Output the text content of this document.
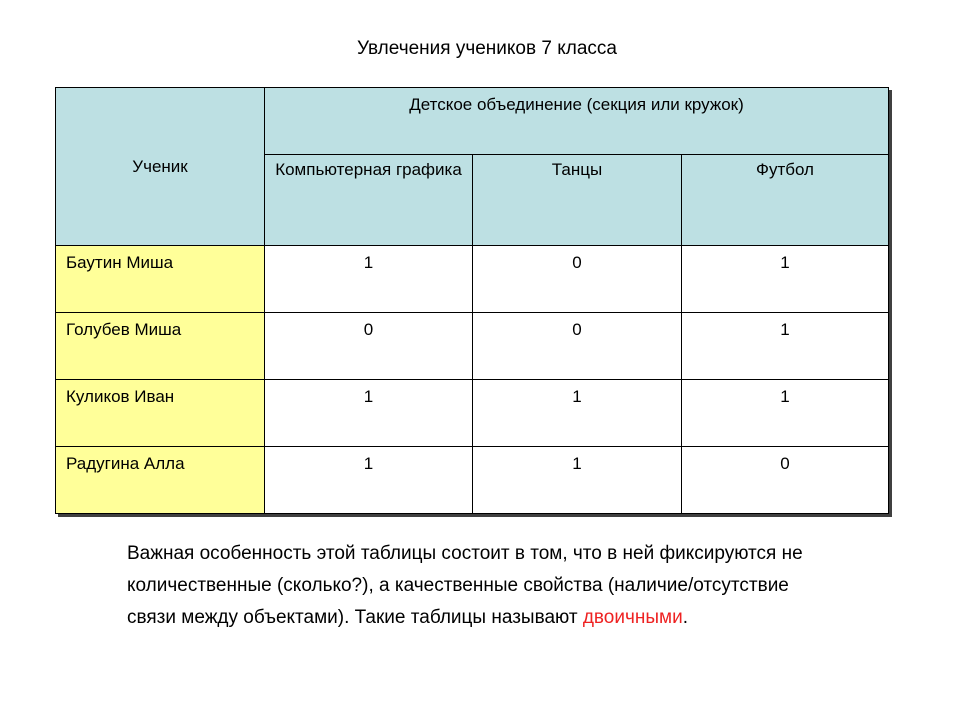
Увлечения учеников 7 класса
Ученик	Детское объединение (секция или кружок)		
	Компьютерная графика	Танцы	Футбол
Баутин Миша	1	0	1
Голубев Миша	0	0	1
Куликов Иван	1	1	1
Радугина Алла	1	1	0
Важная особенность этой таблицы состоит в том, что в ней фиксируются не количественные (сколько?), а качественные свойства (наличие/отсутствие связи между объектами). Такие таблицы называют двоичными.
